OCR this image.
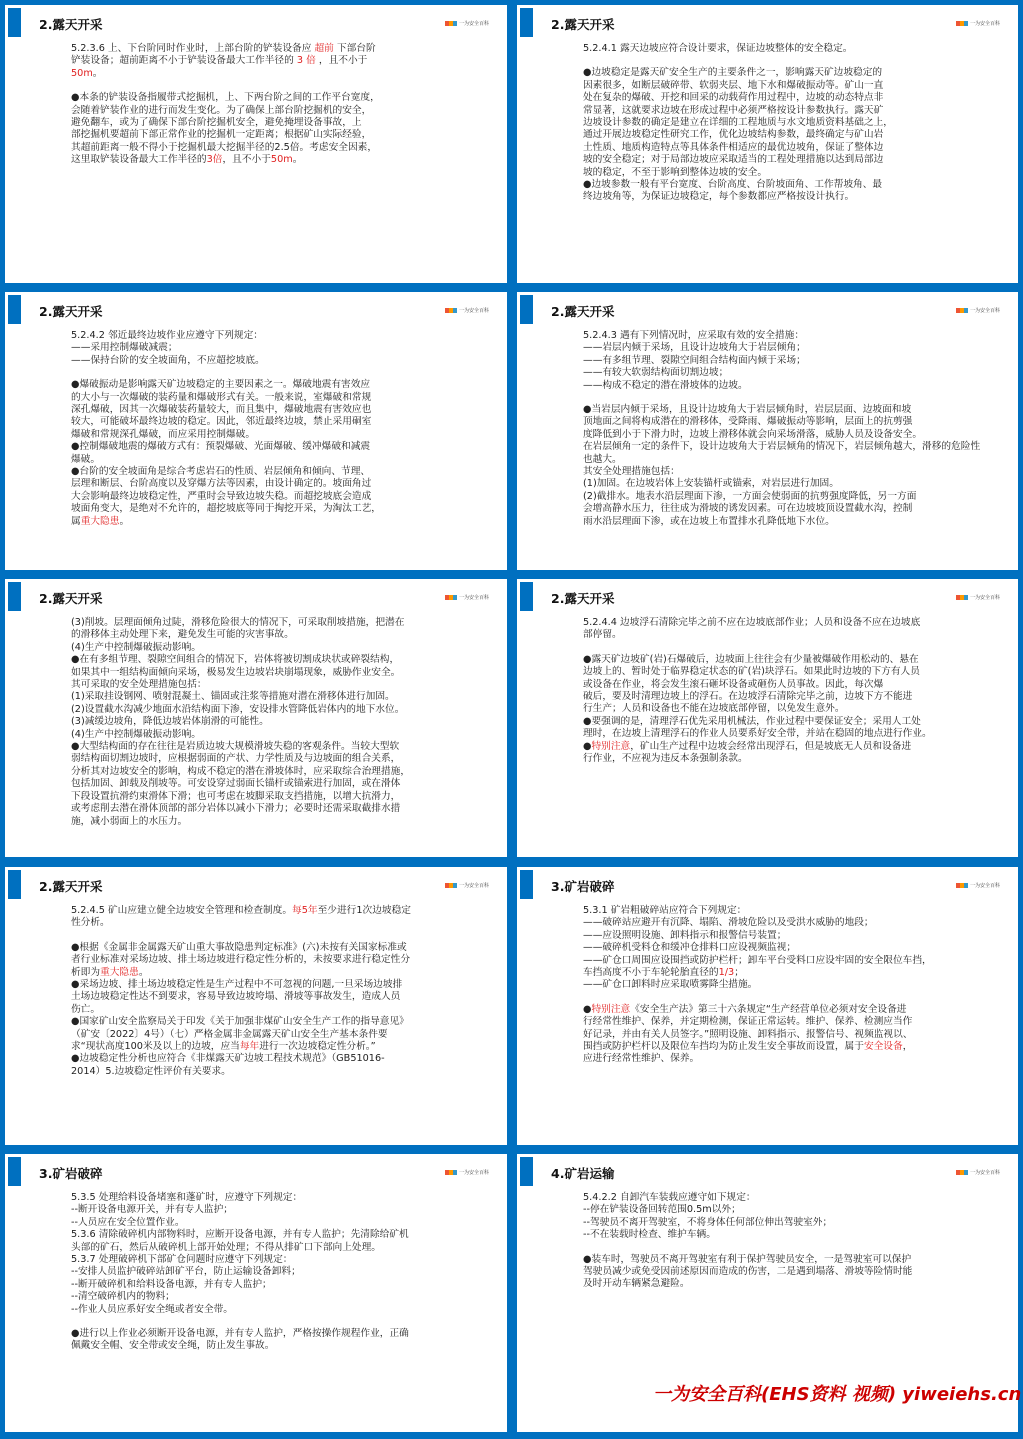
2.露天开采	一为安全百科

5.2.3.6 上、下台阶同时作业时，上部台阶的铲装设备应 超前 下部台阶

铲装设备；超前距离不小于铲装设备最大工作半径的 3 倍 ，且不小于

50m。

●本条的铲装设备指履带式挖掘机，上、下两台阶之间的工作平台宽度，

会随着铲装作业的进行而发生变化。为了确保上部台阶挖掘机的安全，

避免翻车，或为了确保下部台阶挖掘机安全，避免掩埋设备事故，上

部挖掘机要超前下部正常作业的挖掘机一定距离；根据矿山实际经验，

其超前距离一般不得小于挖掘机最大挖掘半径的2.5倍。考虑安全因素，

这里取铲装设备最大工作半径的3倍，且不小于50m。

2.露天开采	一为安全百科

5.2.4.1 露天边坡应符合设计要求，保证边坡整体的安全稳定。

●边坡稳定是露天矿安全生产的主要条件之一，影响露天矿边坡稳定的

因素很多，如断层破碎带、软弱夹层、地下水和爆破振动等。矿山一直

处在复杂的爆破、开挖和回采的动载荷作用过程中，边坡的动态特点非

常显著，这就要求边坡在形成过程中必须严格按设计参数执行。露天矿

边坡设计参数的确定是建立在详细的工程地质与水文地质资料基础之上，

通过开展边坡稳定性研究工作，优化边坡结构参数，最终确定与矿山岩

土性质、地质构造特点等具体条件相适应的最优边坡角，保证了整体边

坡的安全稳定；对于局部边坡应采取适当的工程处理措施以达到局部边

坡的稳定，不至于影响到整体边坡的安全。

●边坡参数一般有平台宽度、台阶高度、台阶坡面角、工作帮坡角、最

终边坡角等，为保证边坡稳定，每个参数都应严格按设计执行。

2.露天开采	一为安全百科

5.2.4.2 邻近最终边坡作业应遵守下列规定：

——采用控制爆破减震；

——保持台阶的安全坡面角，不应超挖坡底。

●爆破振动是影响露天矿边坡稳定的主要因素之一。爆破地震有害效应

的大小与一次爆破的装药量和爆破形式有关。一般来说，室爆破和常规

深孔爆破，因其一次爆破装药量较大，而且集中，爆破地震有害效应也

较大，可能破坏最终边坡的稳定。因此，邻近最终边坡，禁止采用硐室

爆破和常规深孔爆破，而应采用控制爆破。

●控制爆破地震的爆破方式有：预裂爆破、光面爆破、缓冲爆破和减震

爆破。

●台阶的安全坡面角是综合考虑岩石的性质、岩层倾角和倾向、节理、

层理和断层、台阶高度以及穿爆方法等因素，由设计确定的。坡面角过

大会影响最终边坡稳定性，严重时会导致边坡失稳。而超挖坡底会造成

坡面角变大，是绝对不允许的，超挖坡底等同于掏挖开采，为淘汰工艺，

属重大隐患。

2.露天开采	一为安全百科

5.2.4.3 遇有下列情况时，应采取有效的安全措施：

——岩层内倾于采场，且设计边坡角大于岩层倾角；

——有多组节理、裂隙空间组合结构面内倾于采场；

——有较大软弱结构面切割边坡；

——构成不稳定的潜在滑坡体的边坡。

●当岩层内倾于采场，且设计边坡角大于岩层倾角时，岩层层面、边坡面和坡

顶地面之间将构成潜在的滑移体，受降雨、爆破振动等影响，层面上的抗剪强

度降低到小于下滑力时，边坡上滑移体就会向采场滑落，威胁人员及设备安全。

在岩层倾角一定的条件下，设计边坡角大于岩层倾角的情况下，岩层倾角越大，滑移的危险性也越大。

其安全处理措施包括：

(1)加固。在边坡岩体上安装锚杆或锚索，对岩层进行加固。

(2)截排水。地表水沿层理面下渗，一方面会使弱面的抗剪强度降低，另一方面

会增高静水压力，往往成为滑坡的诱发因素。可在边坡坡顶设置截水沟，控制

雨水沿层理面下渗，或在边坡上布置排水孔降低地下水位。

2.露天开采	一为安全百科

(3)削坡。层理面倾角过陡，滑移危险很大的情况下，可采取削坡措施，把潜在

的滑移体主动处理下来，避免发生可能的灾害事故。

(4)生产中控制爆破振动影响。

●在有多组节理、裂隙空间组合的情况下，岩体将被切割成块状或碎裂结构，

如果其中一组结构面倾向采场，极易发生边坡岩块崩塌现象，威胁作业安全。

其可采取的安全处理措施包括：

(1)采取挂设钢网、喷射混凝土、锚固或注浆等措施对潜在滑移体进行加固。

(2)设置截水沟减少地面水沿结构面下渗，安设排水管降低岩体内的地下水位。

(3)减缓边坡角，降低边坡岩体崩滑的可能性。

(4)生产中控制爆破振动影响。

●大型结构面的存在往往是岩质边坡大规模滑坡失稳的客观条件。当较大型软

弱结构面切割边坡时，应根据弱面的产状、力学性质及与边坡面的组合关系，

分析其对边坡安全的影响，构成不稳定的潜在滑坡体时，应采取综合治理措施，

包括加固、卸载及削坡等。可安设穿过弱面长锚杆或锚索进行加固，或在滑体

下段设置抗滑约束滑体下滑；也可考虑在坡脚采取支挡措施，以增大抗滑力，

或考虑削去潜在滑体顶部的部分岩体以减小下滑力；必要时还需采取截排水措

施，减小弱面上的水压力。

2.露天开采	一为安全百科

5.2.4.4 边坡浮石清除完毕之前不应在边坡底部作业；人员和设备不应在边坡底

部停留。

●露天矿边坡矿(岩)石爆破后，边坡面上往往会有少量被爆破作用松动的、悬在

边坡上的、暂时处于临界稳定状态的矿(岩)块浮石。如果此时边坡的下方有人员

或设备在作业，将会发生滚石砸坏设备或砸伤人员事故。因此，每次爆

破后，要及时清理边坡上的浮石。在边坡浮石清除完毕之前，边坡下方不能进

行生产；人员和设备也不能在边坡底部停留，以免发生意外。

●要强调的是，清理浮石优先采用机械法，作业过程中要保证安全；采用人工处

理时，在边坡上清理浮石的作业人员要系好安全带，并站在稳固的地点进行作业。

●特别注意，矿山生产过程中边坡会经常出现浮石，但是坡底无人员和设备进

行作业，不应视为违反本条强制条款。

2.露天开采	一为安全百科

5.2.4.5 矿山应建立健全边坡安全管理和检查制度。每5年至少进行1次边坡稳定

性分析。

●根据《金属非金属露天矿山重大事故隐患判定标准》(六)未按有关国家标准或

者行业标准对采场边坡、排土场边坡进行稳定性分析的，未按要求进行稳定性分

析即为重大隐患。

●采场边坡、排土场边坡稳定性是生产过程中不可忽视的问题,一旦采场边坡排

土场边坡稳定性达不到要求，容易导致边坡垮塌、滑坡等事故发生，造成人员

伤亡。

●国家矿山安全监察局关于印发《关于加强非煤矿山安全生产工作的指导意见》

（矿安〔2022〕4号）（七）严格金属非金属露天矿山安全生产基本条件要

求“现状高度100米及以上的边坡，应当每年进行一次边坡稳定性分析。”

●边坡稳定性分析也应符合《非煤露天矿边坡工程技术规范》（GB51016-

2014）5.边坡稳定性评价有关要求。

3.矿岩破碎	一为安全百科

5.3.1 矿岩粗破碎站应符合下列规定：

——破碎站应避开有沉降、塌陷、滑坡危险以及受洪水威胁的地段；

——应设照明设施、卸料指示和报警信号装置；

——破碎机受料仓和缓冲仓排料口应设视频监视；

——矿仓口周围应设围挡或防护栏杆；卸车平台受料口应设牢固的安全限位车挡，

车挡高度不小于车轮轮胎直径的1/3；

——矿仓口卸料时应采取喷雾降尘措施。

●特别注意《安全生产法》第三十六条规定“生产经营单位必须对安全设备进

行经常性维护、保养，并定期检测，保证正常运转。维护、保养、检测应当作

好记录，并由有关人员签字。”照明设施、卸料指示、报警信号、视频监视以、

围挡或防护栏杆以及限位车挡均为防止发生安全事故而设置，属于安全设备，

应进行经常性维护、保养。

3.矿岩破碎	一为安全百科

5.3.5 处理给料设备堵塞和蓬矿时，应遵守下列规定：

--断开设备电源开关，并有专人监护；

--人员应在安全位置作业。

5.3.6 清除破碎机内部物料时，应断开设备电源，并有专人监护；先清除给矿机

头部的矿石，然后从破碎机上部开始处理；不得从排矿口下部向上处理。

5.3.7 处理破碎机下部矿仓问题时应遵守下列规定：

--安排人员监护破碎站卸矿平台，防止运输设备卸料；

--断开破碎机和给料设备电源，并有专人监护；

--清空破碎机内的物料；

--作业人员应系好安全绳或者安全带。

●进行以上作业必须断开设备电源，并有专人监护，严格按操作规程作业，正确

佩戴安全帽、安全带或安全绳，防止发生事故。

4.矿岩运输	一为安全百科

5.4.2.2 自卸汽车装载应遵守如下规定：

--停在铲装设备回转范围0.5m以外；

--驾驶员不离开驾驶室，不将身体任何部位伸出驾驶室外；

--不在装载时检查、维护车辆。

●装车时，驾驶员不离开驾驶室有利于保护驾驶员安全，一是驾驶室可以保护

驾驶员减少或免受因前述原因而造成的伤害，二是遇到塌落、滑坡等险情时能

及时开动车辆紧急避险。

一为安全百科(EHS资料 视频) yiweiehs.cn
